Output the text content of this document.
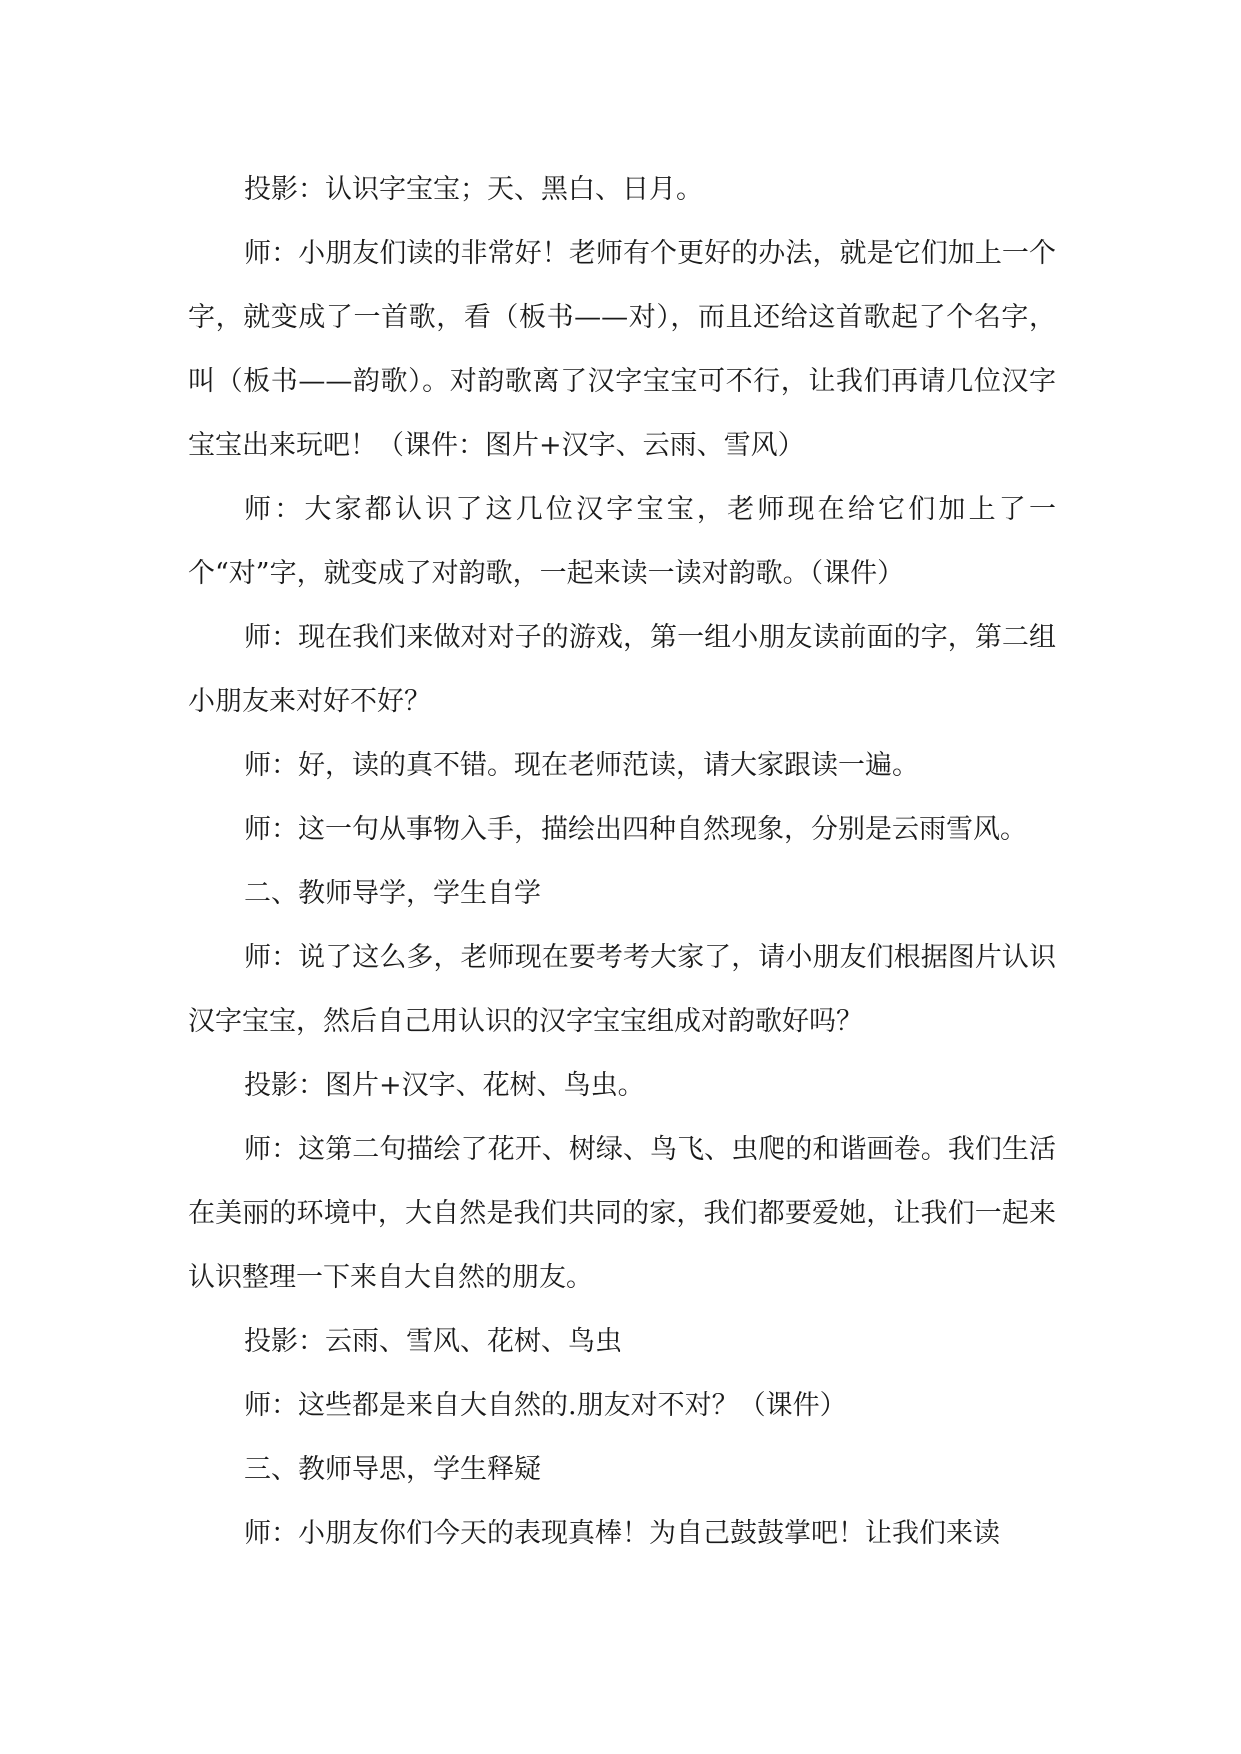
投影：认识字宝宝；天、黑白、日月。

师：小朋友们读的非常好！老师有个更好的办法，就是它们加上一个字，就变成了一首歌，看（板书——对），而且还给这首歌起了个名字，叫（板书——韵歌）。对韵歌离了汉字宝宝可不行，让我们再请几位汉字宝宝出来玩吧！（课件：图片+汉字、云雨、雪风）

师：大家都认识了这几位汉字宝宝，老师现在给它们加上了一个“对”字，就变成了对韵歌，一起来读一读对韵歌。（课件）

师：现在我们来做对对子的游戏，第一组小朋友读前面的字，第二组小朋友来对好不好？

师：好，读的真不错。现在老师范读，请大家跟读一遍。

师：这一句从事物入手，描绘出四种自然现象，分别是云雨雪风。

二、教师导学，学生自学

师：说了这么多，老师现在要考考大家了，请小朋友们根据图片认识汉字宝宝，然后自己用认识的汉字宝宝组成对韵歌好吗？

投影：图片+汉字、花树、鸟虫。

师：这第二句描绘了花开、树绿、鸟飞、虫爬的和谐画卷。我们生活在美丽的环境中，大自然是我们共同的家，我们都要爱她，让我们一起来认识整理一下来自大自然的朋友。

投影：云雨、雪风、花树、鸟虫

师：这些都是来自大自然的.朋友对不对？（课件）

三、教师导思，学生释疑

师：小朋友你们今天的表现真棒！为自己鼓鼓掌吧！让我们来读
